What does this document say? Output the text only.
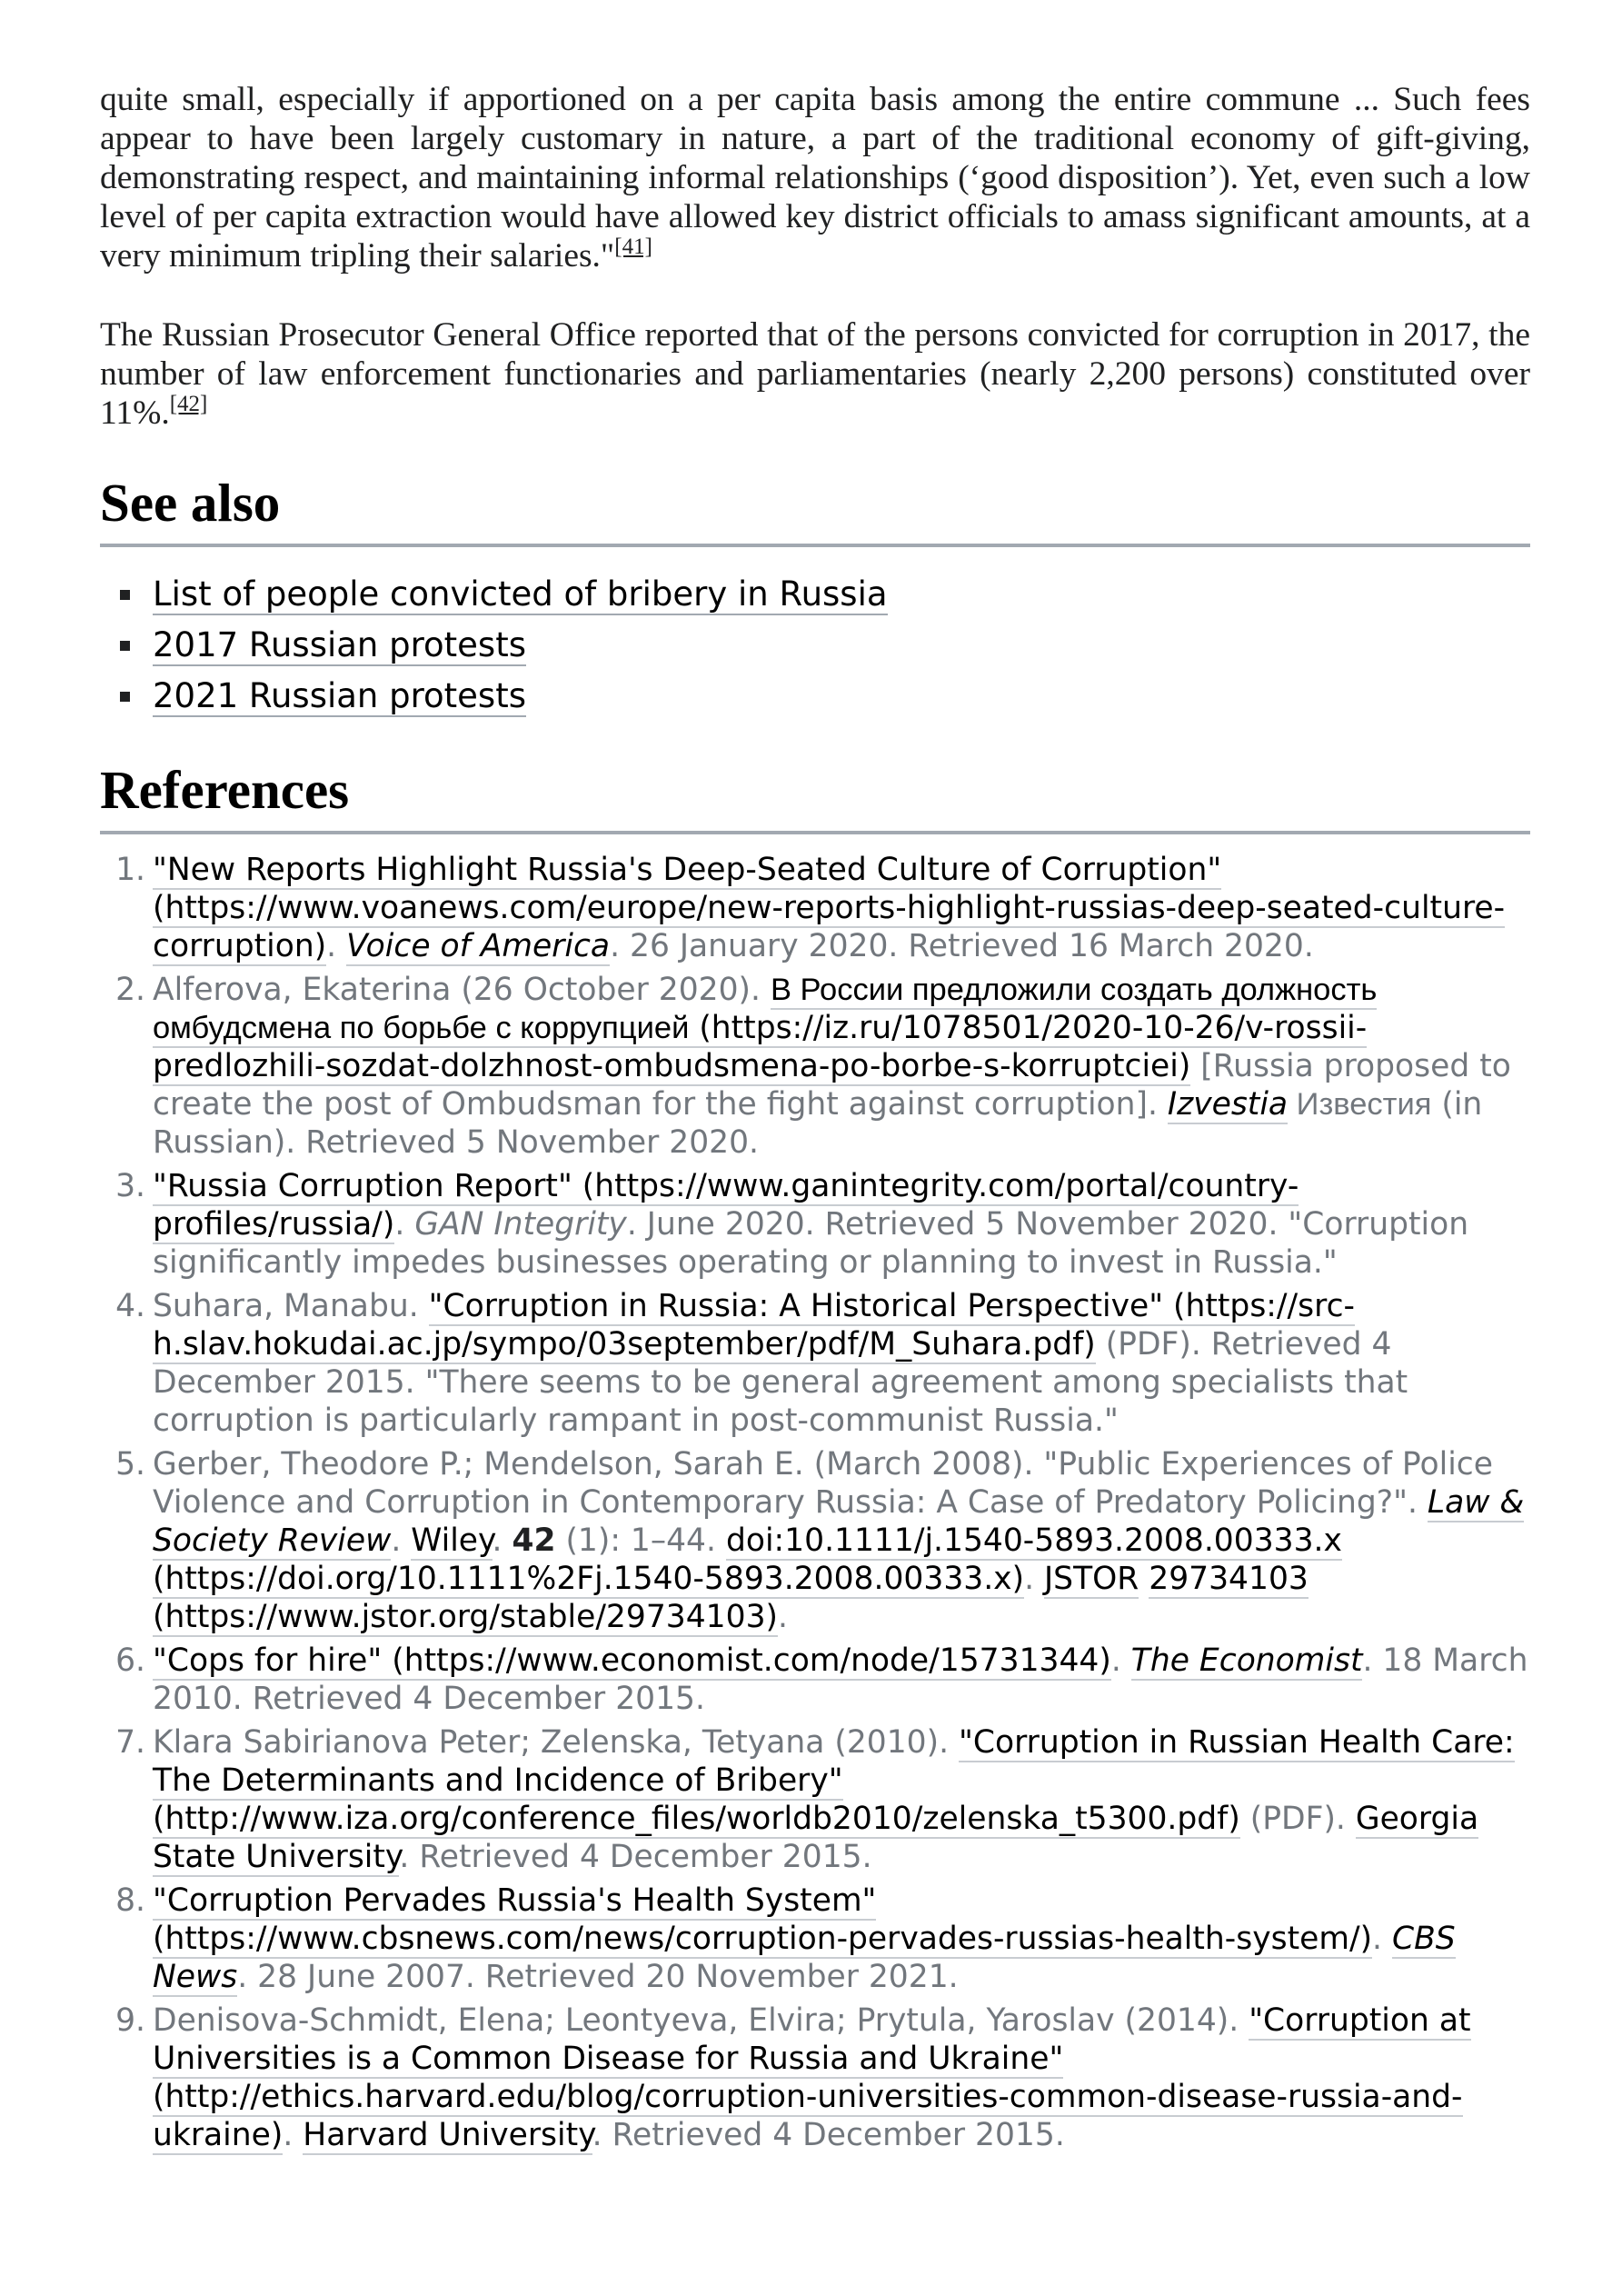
quite small, especially if apportioned on a per capita basis among the entire commune ... Such fees appear to have been largely customary in nature, a part of the traditional economy of gift-giving, demonstrating respect, and maintaining informal relationships (‘good disposition’). Yet, even such a low level of per capita extraction would have allowed key district officials to amass significant amounts, at a very minimum tripling their salaries."[41]

The Russian Prosecutor General Office reported that of the persons convicted for corruption in 2017, the number of law enforcement functionaries and parliamentaries (nearly 2,200 persons) constituted over 11%.[42]

See also
List of people convicted of bribery in Russia
2017 Russian protests
2021 Russian protests
References
1. "New Reports Highlight Russia's Deep-Seated Culture of Corruption" (https://www.voanews.com/europe/new-reports-highlight-russias-deep-seated-culture-corruption). Voice of America. 26 January 2020. Retrieved 16 March 2020.
2. Alferova, Ekaterina (26 October 2020). В России предложили создать должность омбудсмена по борьбе с коррупцией (https://iz.ru/1078501/2020-10-26/v-rossii-predlozhili-sozdat-dolzhnost-ombudsmena-po-borbe-s-korruptciei) [Russia proposed to create the post of Ombudsman for the fight against corruption]. Izvestia Известия (in Russian). Retrieved 5 November 2020.
3. "Russia Corruption Report" (https://www.ganintegrity.com/portal/country-profiles/russia/). GAN Integrity. June 2020. Retrieved 5 November 2020. "Corruption significantly impedes businesses operating or planning to invest in Russia."
4. Suhara, Manabu. "Corruption in Russia: A Historical Perspective" (https://src-h.slav.hokudai.ac.jp/sympo/03september/pdf/M_Suhara.pdf) (PDF). Retrieved 4 December 2015. "There seems to be general agreement among specialists that corruption is particularly rampant in post-communist Russia."
5. Gerber, Theodore P.; Mendelson, Sarah E. (March 2008). "Public Experiences of Police Violence and Corruption in Contemporary Russia: A Case of Predatory Policing?". Law & Society Review. Wiley. 42 (1): 1–44. doi:10.1111/j.1540-5893.2008.00333.x (https://doi.org/10.1111%2Fj.1540-5893.2008.00333.x). JSTOR 29734103 (https://www.jstor.org/stable/29734103).
6. "Cops for hire" (https://www.economist.com/node/15731344). The Economist. 18 March 2010. Retrieved 4 December 2015.
7. Klara Sabirianova Peter; Zelenska, Tetyana (2010). "Corruption in Russian Health Care: The Determinants and Incidence of Bribery" (http://www.iza.org/conference_files/worldb2010/zelenska_t5300.pdf) (PDF). Georgia State University. Retrieved 4 December 2015.
8. "Corruption Pervades Russia's Health System" (https://www.cbsnews.com/news/corruption-pervades-russias-health-system/). CBS News. 28 June 2007. Retrieved 20 November 2021.
9. Denisova-Schmidt, Elena; Leontyeva, Elvira; Prytula, Yaroslav (2014). "Corruption at Universities is a Common Disease for Russia and Ukraine" (http://ethics.harvard.edu/blog/corruption-universities-common-disease-russia-and-ukraine). Harvard University. Retrieved 4 December 2015.
